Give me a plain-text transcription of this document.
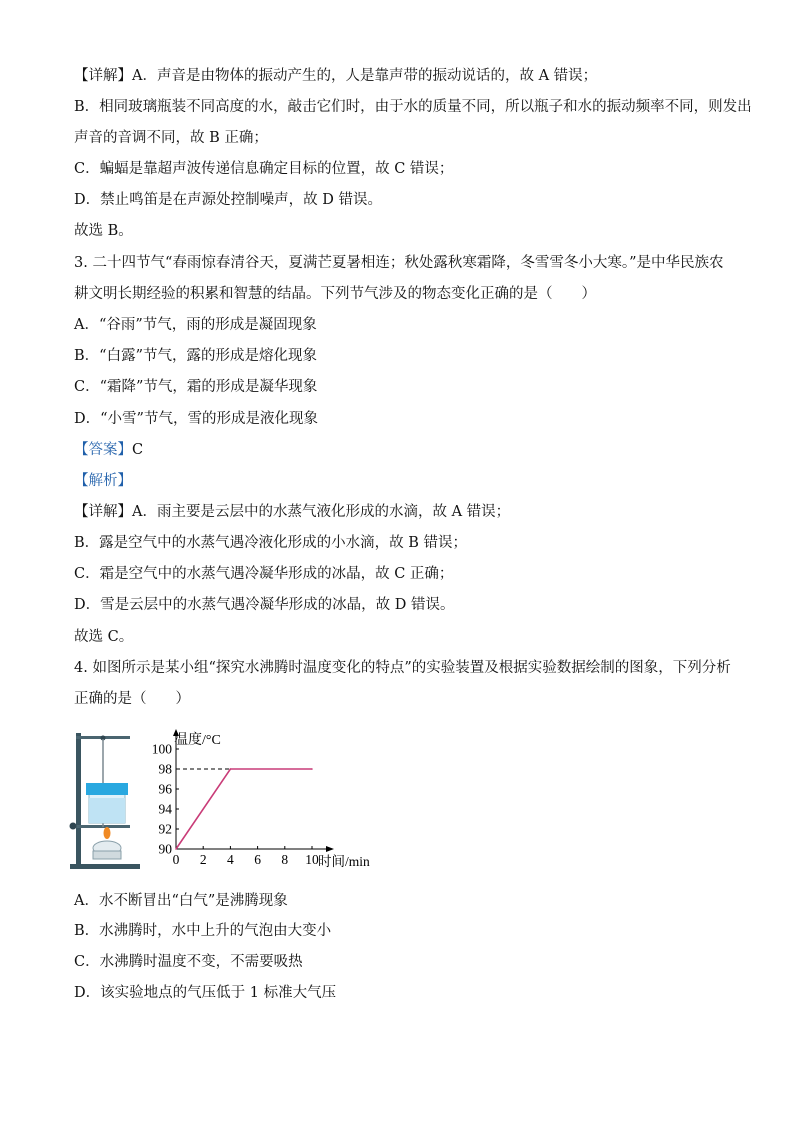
【详解】A．声音是由物体的振动产生的，人是靠声带的振动说话的，故 A 错误；
B．相同玻璃瓶装不同高度的水，敲击它们时，由于水的质量不同，所以瓶子和水的振动频率不同，则发出
声音的音调不同，故 B 正确；
C．蝙蝠是靠超声波传递信息确定目标的位置，故 C 错误；
D．禁止鸣笛是在声源处控制噪声，故 D 错误。
故选 B。
3. 二十四节气“春雨惊春清谷天，夏满芒夏暑相连；秋处露秋寒霜降，冬雪雪冬小大寒。”是中华民族农
耕文明长期经验的积累和智慧的结晶。下列节气涉及的物态变化正确的是（　　）
A．“谷雨”节气，雨的形成是凝固现象
B．“白露”节气，露的形成是熔化现象
C．“霜降”节气，霜的形成是凝华现象
D．“小雪”节气，雪的形成是液化现象
【答案】C
【解析】
【详解】A．雨主要是云层中的水蒸气液化形成的水滴，故 A 错误；
B．露是空气中的水蒸气遇冷液化形成的小水滴，故 B 错误；
C．霜是空气中的水蒸气遇冷凝华形成的冰晶，故 C 正确；
D．雪是云层中的水蒸气遇冷凝华形成的冰晶，故 D 错误。
故选 C。
4. 如图所示是某小组“探究水沸腾时温度变化的特点”的实验装置及根据实验数据绘制的图象，下列分析
正确的是（　　）
A．水不断冒出“白气”是沸腾现象
B．水沸腾时，水中上升的气泡由大变小
C．水沸腾时温度不变，不需要吸热
D．该实验地点的气压低于 1 标准大气压
90
92
94
96
98
100
0 2 4 6 8 10
温度/°C
时间/min
